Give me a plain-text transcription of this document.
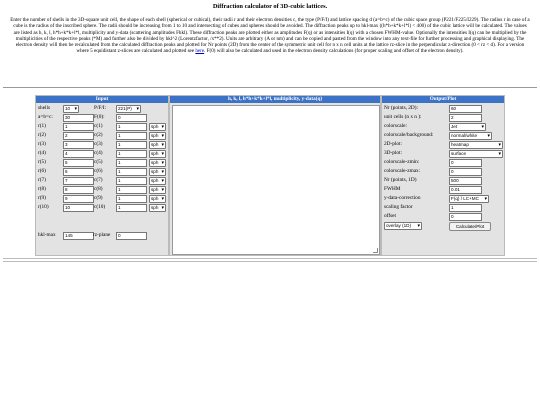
Diffraction calculator of 3D-cubic lattices.
Enter the number of shells in the 3D-square unit cell, the shape of each shell (spherical or cubical), their radii r and their electron densities c, the type (P/F/I) and lattice spacing d (a=b=c) of the cubic space group (P221/F225/I229). The radius r in case of a cube is the radius of the inscribed sphere. The radii should be increasing from 1 to 10 and intersecting of cubes and spheres should be avoided. The diffraction peaks up to hkl-max ((h*h+k*k+l*l) < 400) of the cubic lattice will be calculated. The values are listed as h, k, l, h*h+k*k+l*l, multiplicity and y-data (scattering amplitudes Fhkl). These diffraction peaks are plotted either as amplitudes F(q) or as intensities I(q) with a chosen FWHM-value. Optionally the intensities I(q) can be multiplied by the multiplicities of the respective peaks (*M) and further also be divided by hkl^2 (Lorentzfactor, /x**2). Units are arbitrary (A or nm) and can be copied and pasted from the window into any text-file for further processing and graphical displaying. The electron density will then be recalculated from the calculated diffraction peaks and plotted for Nr points (2D) from the center of the symmetric unit cell for n x n cell units at the lattice rz-slice in the perpendicular z-direction (0 < rz < d). For a version where 5 equidistant z-slices are calculated and plotted see here. F(0) will also be calculated and used in the electron density calculations (for proper scaling and offset of the electron density).
Input
shells	10 ▾	P/F/I:	221(P) ▾
a=b=c:	30	F(0):	0
r(1)	1	c(1)	1	sph ▾
r(2)	2	c(2)	1	sph ▾
r(3)	3	c(3)	1	sph ▾
r(4)	4	c(4)	1	sph ▾
r(5)	5	c(5)	1	sph ▾
r(6)	6	c(6)	1	sph ▾
r(7)	7	c(7)	1	sph ▾
r(8)	8	c(8)	1	sph ▾
r(9)	9	c(9)	1	sph ▾
r(10)	10	c(10)	1	sph ▾
hkl-max	145	rz-plane	0
h, k, l, h*h+k*k+l*l, multiplicity, y-data(q)	Output/Plot
Nr (points, 2D):	60
unit cells (n x n ):	2
colorscale:	Jet ▾
colorscale/background:	normal/white ▾
2D-plot:	heatmap ▾
3D-plot:	surface ▾
colorscale-zmin:	0
colorscale-zmax:	0
Nr (points, 1D)	500
FWHM	0.01
y-data-correction	F(q) / LC+MC ▾
scaling factor	1
offset	0
overlay (1D) ▾	Calculate/Plot
